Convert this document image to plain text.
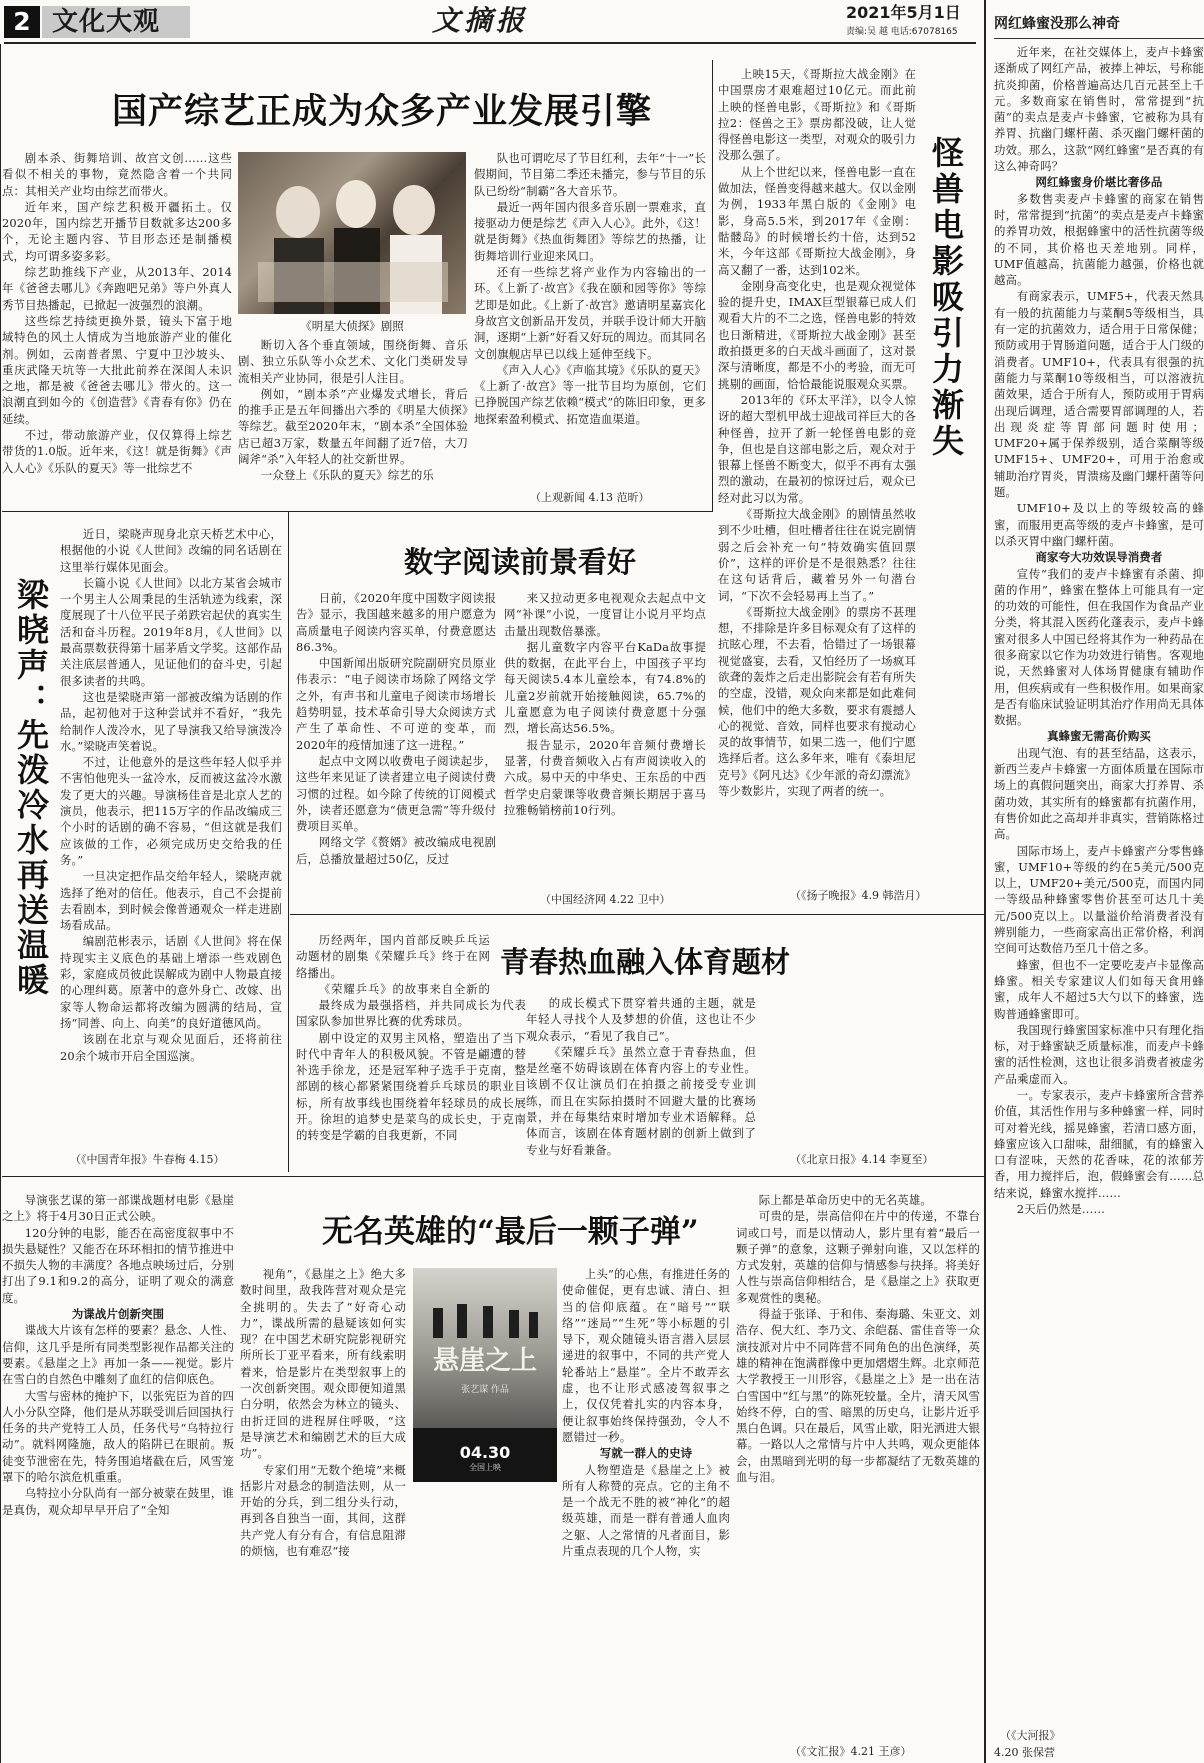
2 文化大观	文摘报	2021年5月1日
责编:吴 越 电话:67078165
国产综艺正成为众多产业发展引擎
剧本杀、街舞培训、故宫文创……这些看似不相关的事物，竟然隐含着一个共同点：其相关产业均由综艺而带火。
近年来，国产综艺积极开疆拓土。仅2020年，国内综艺开播节目数就多达200多个，无论主题内容、节目形态还是制播模式，均可谓多姿多彩。
综艺助推线下产业，从2013年、2014年《爸爸去哪儿》《奔跑吧兄弟》等户外真人秀节目热播起，已掀起一波强烈的浪潮。
这些综艺持续更换外景，镜头下富于地域特色的风土人情成为当地旅游产业的催化剂。例如，云南普者黑、宁夏中卫沙坡头、重庆武隆天坑等一大批此前养在深闺人未识之地，都是被《爸爸去哪儿》带火的。这一浪潮直到如今的《创造营》《青春有你》仍在延续。
不过，带动旅游产业，仅仅算得上综艺带货的1.0版。近年来，《这！就是街舞》《声入人心》《乐队的夏天》等一批综艺不
《明星大侦探》剧照
断切入各个垂直领域，围绕街舞、音乐剧、独立乐队等小众艺术、文化门类研发导流相关产业协同，很是引人注目。
例如，“剧本杀”产业爆发式增长，背后的推手正是五年间播出六季的《明星大侦探》等综艺。截至2020年末，“剧本杀”全国体验店已超3万家，数量五年间翻了近7倍，大刀阔斧“杀”入年轻人的社交新世界。
一众登上《乐队的夏天》综艺的乐
队也可谓吃尽了节目红利，去年“十一”长假期间，节目第二季还未播完，参与节目的乐队已纷纷“制霸”各大音乐节。
最近一两年国内很多音乐剧一票难求，直接驱动力便是综艺《声入人心》。此外，《这！就是街舞》《热血街舞团》等综艺的热播，让街舞培训行业迎来风口。
还有一些综艺将产业作为内容输出的一环。《上新了·故宫》《我在颐和园等你》等综艺即是如此。《上新了·故宫》邀请明星嘉宾化身故宫文创新品开发员，并联手设计师大开脑洞，逐期“上新”好看又好玩的周边。而其同名文创旗舰店早已以线上延伸至线下。
《声入人心》《声临其境》《乐队的夏天》《上新了·故宫》等一批节目均为原创，它们已挣脱国产综艺依赖“模式”的陈旧印象，更多地探索盈利模式、拓宽造血渠道。
（上观新闻 4.13 范昕）
上映15天，《哥斯拉大战金刚》在中国票房才艰难超过10亿元。而此前上映的怪兽电影，《哥斯拉》和《哥斯拉2：怪兽之王》票房都没破，让人觉得怪兽电影这一类型，对观众的吸引力没那么强了。
从上个世纪以来，怪兽电影一直在做加法，怪兽变得越来越大。仅以金刚为例，1933年黑白版的《金刚》电影，身高5.5米，到2017年《金刚：骷髅岛》的时候增长约十倍，达到52米，今年这部《哥斯拉大战金刚》，身高又翻了一番，达到102米。
金刚身高变化史，也是观众视觉体验的提升史，IMAX巨型银幕已成人们观看大片的不二之选，怪兽电影的特效也日渐精进，《哥斯拉大战金刚》甚至敢拍摄更多的白天战斗画面了，这对景深与清晰度，都是不小的考验，而无可挑剔的画面，恰恰最能说服观众买票。
2013年的《环太平洋》，以令人惊讶的超大型机甲战士迎战司祥巨大的各种怪兽，拉开了新一轮怪兽电影的竞争，但也是自这部电影之后，观众对于银幕上怪兽不断变大，似乎不再有太强烈的激动，在最初的惊讶过后，观众已经对此习以为常。
《哥斯拉大战金刚》的剧情虽然收到不少吐槽，但吐槽者往往在说完剧情弱之后会补充一句“特效确实值回票价”，这样的评价是不是很熟悉？往往在这句话背后，藏着另外一句潜台词，“下次不会轻易再上当了。”
《哥斯拉大战金刚》的票房不甚理想，不排除是许多目标观众有了这样的抗眩心理，不去看，恰错过了一场银幕视觉盛宴，去看，又怕经历了一场疯耳欲聋的轰炸之后走出影院会有若有所失的空虚，没错，观众向来都是如此难伺候，他们中的绝大多数，要求有震撼人心的视觉、音效，同样也要求有搅动心灵的故事情节，如果二选一，他们宁愿选择后者。这么多年来，唯有《泰坦尼克号》《阿凡达》《少年派的奇幻漂流》等少数影片，实现了两者的统一。
怪兽电影吸引力渐失
（《扬子晚报》4.9 韩浩月）
梁晓声：先泼冷水再送温暖
近日，梁晓声现身北京天桥艺术中心，根据他的小说《人世间》改编的同名话剧在这里举行媒体见面会。
长篇小说《人世间》以北方某省会城市一个男主人公周秉昆的生活轨迹为线索，深度展现了十八位平民子弟跌宕起伏的真实生活和奋斗历程。2019年8月，《人世间》以最高票数获得第十届茅盾文学奖。这部作品关注底层普通人，见证他们的奋斗史，引起很多读者的共鸣。
这也是梁晓声第一部被改编为话剧的作品，起初他对于这种尝试并不看好，“我先给制作人泼冷水，见了导演我又给导演泼冷水。”梁晓声笑着说。
不过，让他意外的是这些年轻人似乎并不害怕他兜头一盆冷水，反而被这盆冷水激发了更大的兴趣。导演杨佳音是北京人艺的演员，他表示，把115万字的作品改编成三个小时的话剧的确不容易，“但这就是我们应该做的工作，必须完成历史交给我的任务。”
一旦决定把作品交给年轻人，梁晓声就选择了绝对的信任。他表示，自己不会提前去看剧本，到时候会像普通观众一样走进剧场看成品。
编剧范彬表示，话剧《人世间》将在保持现实主义底色的基础上增添一些戏剧色彩，家庭成员彼此误解成为剧中人物最直接的心理纠葛。原著中的意外身亡、改嫁、出家等人物命运都将改编为圆满的结局，宣扬“同善、向上、向美”的良好道德风尚。
该剧在北京与观众见面后，还将前往20余个城市开启全国巡演。
（《中国青年报》牛春梅 4.15）
数字阅读前景看好
日前，《2020年度中国数字阅读报告》显示，我国越来越多的用户愿意为高质量电子阅读内容买单，付费意愿达86.3%。
中国新闻出版研究院副研究员原业伟表示：“电子阅读市场除了网络文学之外，有声书和儿童电子阅读市场增长趋势明显，技术革命引导大众阅读方式产生了革命性、不可逆的变革，而2020年的疫情加速了这一进程。”
起点中文网以收费电子阅读起步，这些年来见证了读者建立电子阅读付费习惯的过程。如今除了传统的订阅模式外，读者还愿意为“债更急需”等升级付费项目买单。
网络文学《赘婿》被改编成电视剧后，总播放量超过50亿，反过
来又拉动更多电视观众去起点中文网“补课”小说，一度冒让小说月平均点击量出现数倍暴涨。
据儿童数字内容平台KaDa故事提供的数据，在此平台上，中国孩子平均每天阅读5.4本儿童绘本，有74.8%的儿童2岁前就开始接触阅读，65.7%的儿童愿意为电子阅读付费意愿十分强烈，增长高达56.5%。
报告显示，2020年音频付费增长显著，付费音频收入占有声阅读收入的六成。易中天的中华史、王东岳的中西哲学史启蒙课等收费音频长期居于喜马拉雅畅销榜前10行列。
（中国经济网 4.22 卫中）
历经两年，国内首部反映乒乓运动题材的剧集《荣耀乒乓》终于在网络播出。
《荣耀乒乓》的故事来自全新的
青春热血融入体育题材
最终成为最强搭档，并共同成长为代表国家队参加世界比赛的优秀球员。
剧中设定的双男主风格，塑造出了当下时代中青年人的积极风貌。不管是翩遭的替补选手徐龙，还是冠军种子选手于克南，整部剧的核心都紧紧围绕着乒乓球员的职业目标，所有故事线也围绕着年轻球员的成长展开。徐坦的追梦史是菜鸟的成长史，于克南的转变是学霸的自我更新，不同
的成长模式下贯穿着共通的主题，就是年轻人寻找个人及梦想的价值，这也让不少观众表示，“看见了我自己”。
《荣耀乒乓》虽然立意于青春热血，但是丝毫不妨碍该剧在体育内容上的专业性。该剧不仅让演员们在拍摄之前接受专业训练，而且在实际拍摄时不回避大量的比赛场景，并在每集结束时增加专业术语解释。总体而言，该剧在体育题材剧的创新上做到了专业与好看兼备。
（《北京日报》4.14 李夏至）
无名英雄的“最后一颗子弹”
导演张艺谋的第一部谍战题材电影《悬崖之上》将于4月30日正式公映。
120分钟的电影，能否在高密度叙事中不损失悬疑性？又能否在环环相扣的情节推进中不损失人物的丰满度？各地点映场过后，分别打出了9.1和9.2的高分，证明了观众的满意度。
为谍战片创新突围
谍战大片该有怎样的要素？悬念、人性、信仰，这几乎是所有同类型影视作品都关注的要素。《悬崖之上》再加一条——视觉。影片在雪白的自然色中雕刻了血红的信仰底色。
大雪与密林的掩护下，以张宪臣为首的四人小分队空降，他们是从苏联受训后回国执行任务的共产党特工人员，任务代号“乌特拉行动”。就料网隆施，敌人的陷阱已在眼前。叛徒变节泄密在先，特务围追堵截在后，风雪笼罩下的哈尔滨危机重重。
乌特拉小分队尚有一部分被蒙在鼓里，谁是真伪，观众却早早开启了“全知
视角”，《悬崖之上》绝大多数时间里，敌我阵营对观众是完全挑明的。失去了“好奇心动力”，谍战所需的悬疑该如何实现？在中国艺术研究院影视研究所所长丁亚平看来，所有线索明着来，恰是影片在类型叙事上的一次创新突围。观众即便知道黑白分明，依然会为林立的镜头、由折迂回的进程屏住呼吸，“这是导演艺术和编剧艺术的巨大成功”。
专家们用“无数个绝境”来概括影片对悬念的制造法则，从一开始的分兵，到二组分头行动，再到各自独当一面，其间，这群共产党人有分有合，有信息阻滞的烦恼，也有难忍“接
悬崖之上
张艺谋 作品
04.30
全国上映
上头”的心焦，有推进任务的使命催促，更有忠诚、清白、担当的信仰底蕴。在“暗号”“联络”“迷局”“生死”等小标题的引导下，观众随镜头语言潜入层层递进的叙事中，不同的共产党人轮番站上“悬崖”。全片不敢弄玄虚，也不让形式感凌驾叙事之上，仅仅凭着扎实的内容本身，便让叙事始终保持强劲，令人不愿错过一秒。
写就一群人的史诗
人物塑造是《悬崖之上》被所有人称赞的亮点。它的主角不是一个战无不胜的被“神化”的超级英雄，而是一群有普通人血肉之躯、人之常情的凡者面目，影片重点表现的几个人物，实
际上都是革命历史中的无名英雄。
可贵的是，崇高信仰在片中的传递，不靠台词或口号，而是以情动人，影片里有着“最后一颗子弹”的意象，这颗子弹射向谁，又以怎样的方式发射，英雄的信仰与情感参与抉择。将美好人性与崇高信仰相结合，是《悬崖之上》获取更多观赏性的奥秘。
得益于张译、于和伟、秦海璐、朱亚文、刘浩存、倪大红、李乃文、余皑磊、雷佳音等一众演技派对片中不同阵营不同角色的出色演绎，英雄的精神在饱满群像中更加熠熠生辉。北京师范大学教授王一川形容，《悬崖之上》是一出在洁白雪国中“红与黑”的陈死较量。全片，清天风雪始终不停，白的雪、暗黑的历史乌，让影片近乎黑白色调。只在最后，风雪止歇，阳光洒进大银幕。一路以人之常情与片中人共鸣，观众更能体会，由黑暗到光明的每一步都凝结了无数英雄的血与泪。
（《文汇报》4.21 王彦）
网红蜂蜜没那么神奇
近年来，在社交媒体上，麦卢卡蜂蜜逐渐成了网红产品，被捧上神坛，号称能抗炎抑菌，价格普遍高达几百元甚至上千元。多数商家在销售时，常常提到“抗菌”的卖点是麦卢卡蜂蜜，它被称为具有养胃、抗幽门螺杆菌、杀灭幽门螺杆菌的功效。那么，这款“网红蜂蜜”是否真的有这么神奇吗？
网红蜂蜜身价堪比奢侈品
多数售卖麦卢卡蜂蜜的商家在销售时，常常提到“抗菌”的卖点是麦卢卡蜂蜜的养胃功效，根据蜂蜜中的活性抗菌等级的不同，其价格也天差地别。同样，UMF值越高，抗菌能力越强，价格也就越高。
有商家表示，UMF5+，代表天然具有一般的抗菌能力与菜酮5等级相当，具有一定的抗菌效力，适合用于日常保健；预防或用于胃肠道问题，适合于人门级的消费者。UMF10+，代表具有很强的抗菌能力与菜酮10等级相当，可以溶液抗菌效果，适合于所有人，预防或用于胃病出现后调理，适合需要胃部调理的人，若出现炎症等胃部问题时使用；UMF20+属于保养级别，适合菜酮等级UMF15+、UMF20+，可用于治愈或辅助治疗胃炎，胃溃疡及幽门螺杆菌等问题。
UMF10+及以上的等级较高的蜂蜜，而服用更高等级的麦卢卡蜂蜜，是可以杀灭胃中幽门螺杆菌。
商家夸大功效误导消费者
宣传“我们的麦卢卡蜂蜜有杀菌、抑菌的作用”，蜂蜜在整体上可能具有一定的功效的可能性，但在我国作为食品产业分类，将其混入医药化蓬表示，麦卢卡蜂蜜对很多人中国已经将其作为一种药品在很多商家以它作为功效进行销售。客观地说，天然蜂蜜对人体场胃健康有辅助作用，但疾病或有一些积极作用。如果商家是否有临床试验证明其治疗作用尚无具体数据。
真蜂蜜无需高价购买
出现气泡、有的甚至结晶，这表示，新西兰麦卢卡蜂蜜一方面体质量在国际市场上的真假问题突出，商家大打养胃、杀菌功效，其实所有的蜂蜜都有抗菌作用，有售价如此之高却并非真实，营销陈格过高。
国际市场上，麦卢卡蜂蜜产分零售蜂蜜，UMF10+等级的约在5美元/500克以上，UMF20+美元/500克，而国内同一等级品种蜂蜜零售价甚至可达几十美元/500克以上。以量溢价给消费者没有辨别能力，一些商家高出正常价格，利润空间可达数倍乃至几十倍之多。
蜂蜜，但也不一定要吃麦卢卡显像高蜂蜜。相关专家建议人们如每天食用蜂蜜，成年人不超过5大勺以下的蜂蜜，选购普通蜂蜜即可。
我国现行蜂蜜国家标准中只有理化指标，对于蜂蜜缺乏质量标准，而麦卢卡蜂蜜的活性检测，这也让很多消费者被虚劣产品乘虚而入。
一。专家表示，麦卢卡蜂蜜所含营养价值，其活性作用与多种蜂蜜一样，同时可对着光线，摇晃蜂蜜，若清口感方面，蜂蜜应该入口甜味，甜细腻，有的蜂蜜入口有涩味，天然的花香味，花的浓郁芳香，用力搅拌后，泡，假蜂蜜会有……总结来说，蜂蜜水搅拌……
2天后仍然是……
（《大河报》
4.20 张保营
